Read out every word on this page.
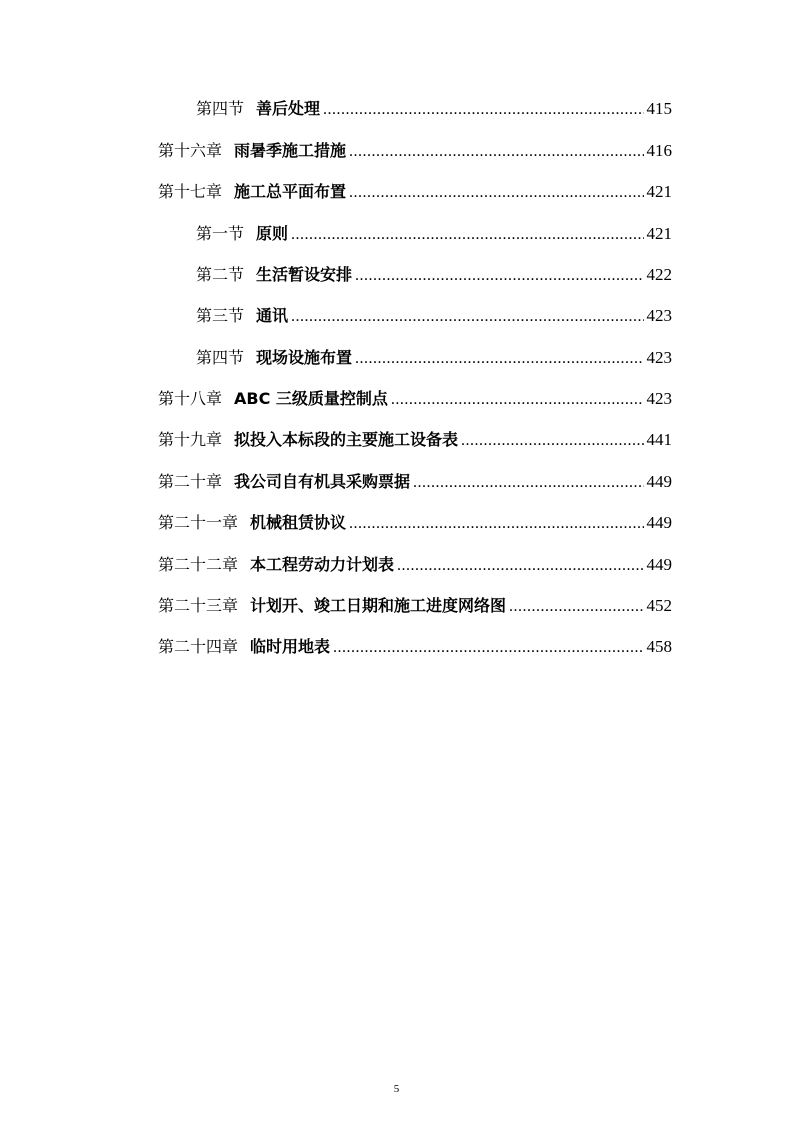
第四节 善后处理 .....	415
第十六章 雨暑季施工措施 .....	416
第十七章 施工总平面布置 .....	421
第一节 原则 .....	421
第二节 生活暂设安排 .....	422
第三节 通讯 .....	423
第四节 现场设施布置 .....	423
第十八章 ABC 三级质量控制点 .....	423
第十九章 拟投入本标段的主要施工设备表 .....	441
第二十章 我公司自有机具采购票据 .....	449
第二十一章 机械租赁协议 .....	449
第二十二章 本工程劳动力计划表 .....	449
第二十三章 计划开、竣工日期和施工进度网络图 .....	452
第二十四章 临时用地表 .....	458
5
